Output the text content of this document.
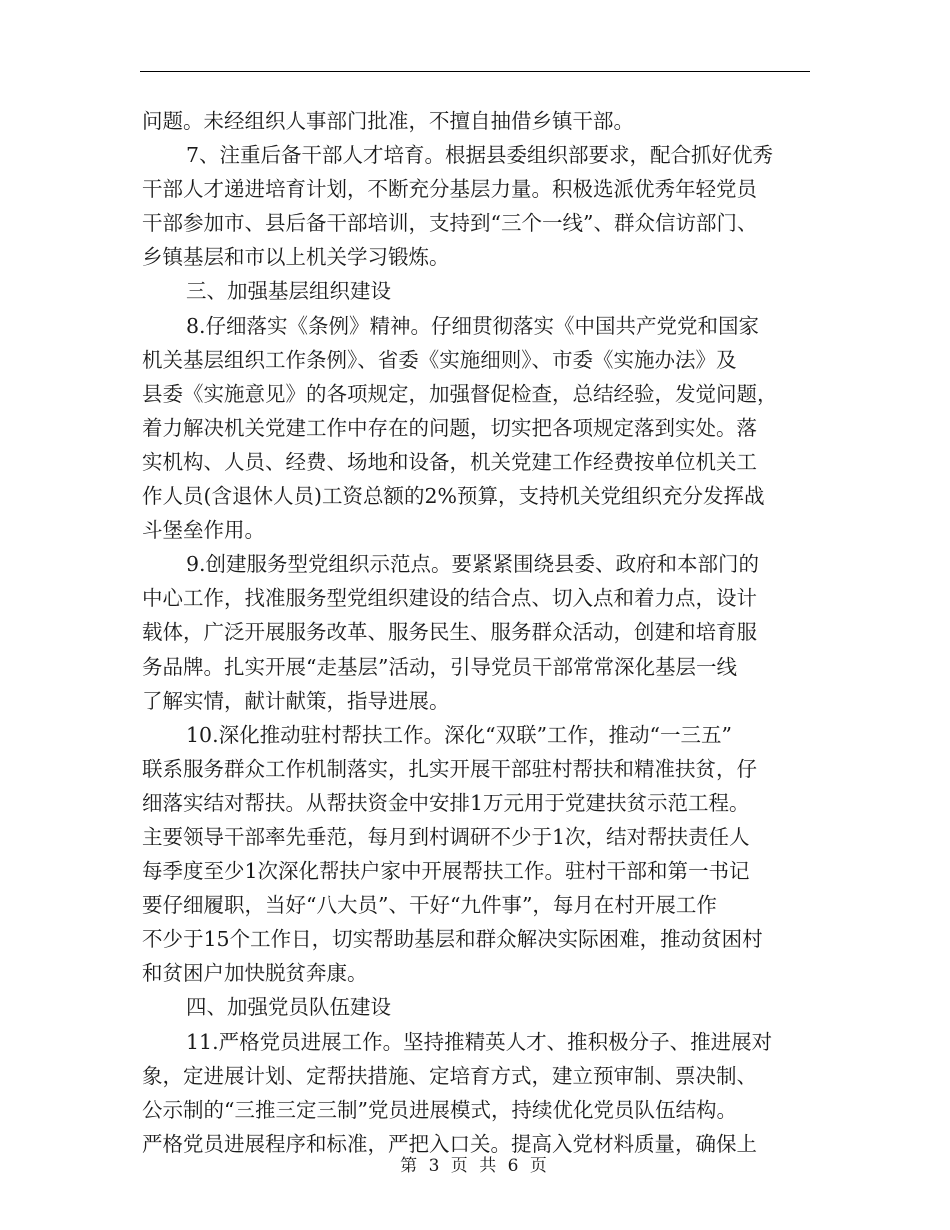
问题。未经组织人事部门批准，不擅自抽借乡镇干部。
7、注重后备干部人才培育。根据县委组织部要求，配合抓好优秀
干部人才递进培育计划，不断充分基层力量。积极选派优秀年轻党员
干部参加市、县后备干部培训，支持到“三个一线”、群众信访部门、
乡镇基层和市以上机关学习锻炼。
三、加强基层组织建设
8.仔细落实《条例》精神。仔细贯彻落实《中国共产党党和国家
机关基层组织工作条例》、省委《实施细则》、市委《实施办法》及
县委《实施意见》的各项规定，加强督促检查，总结经验，发觉问题，
着力解决机关党建工作中存在的问题，切实把各项规定落到实处。落
实机构、人员、经费、场地和设备，机关党建工作经费按单位机关工
作人员(含退休人员)工资总额的2%预算，支持机关党组织充分发挥战
斗堡垒作用。
9.创建服务型党组织示范点。要紧紧围绕县委、政府和本部门的
中心工作，找准服务型党组织建设的结合点、切入点和着力点，设计
载体，广泛开展服务改革、服务民生、服务群众活动，创建和培育服
务品牌。扎实开展“走基层”活动，引导党员干部常常深化基层一线
了解实情，献计献策，指导进展。
10.深化推动驻村帮扶工作。深化“双联”工作，推动“一三五”
联系服务群众工作机制落实，扎实开展干部驻村帮扶和精准扶贫，仔
细落实结对帮扶。从帮扶资金中安排1万元用于党建扶贫示范工程。
主要领导干部率先垂范，每月到村调研不少于1次，结对帮扶责任人
每季度至少1次深化帮扶户家中开展帮扶工作。驻村干部和第一书记
要仔细履职，当好“八大员”、干好“九件事”，每月在村开展工作
不少于15个工作日，切实帮助基层和群众解决实际困难，推动贫困村
和贫困户加快脱贫奔康。
四、加强党员队伍建设
11.严格党员进展工作。坚持推精英人才、推积极分子、推进展对
象，定进展计划、定帮扶措施、定培育方式，建立预审制、票决制、
公示制的“三推三定三制”党员进展模式，持续优化党员队伍结构。
严格党员进展程序和标准，严把入口关。提高入党材料质量，确保上
第 3 页 共 6 页
